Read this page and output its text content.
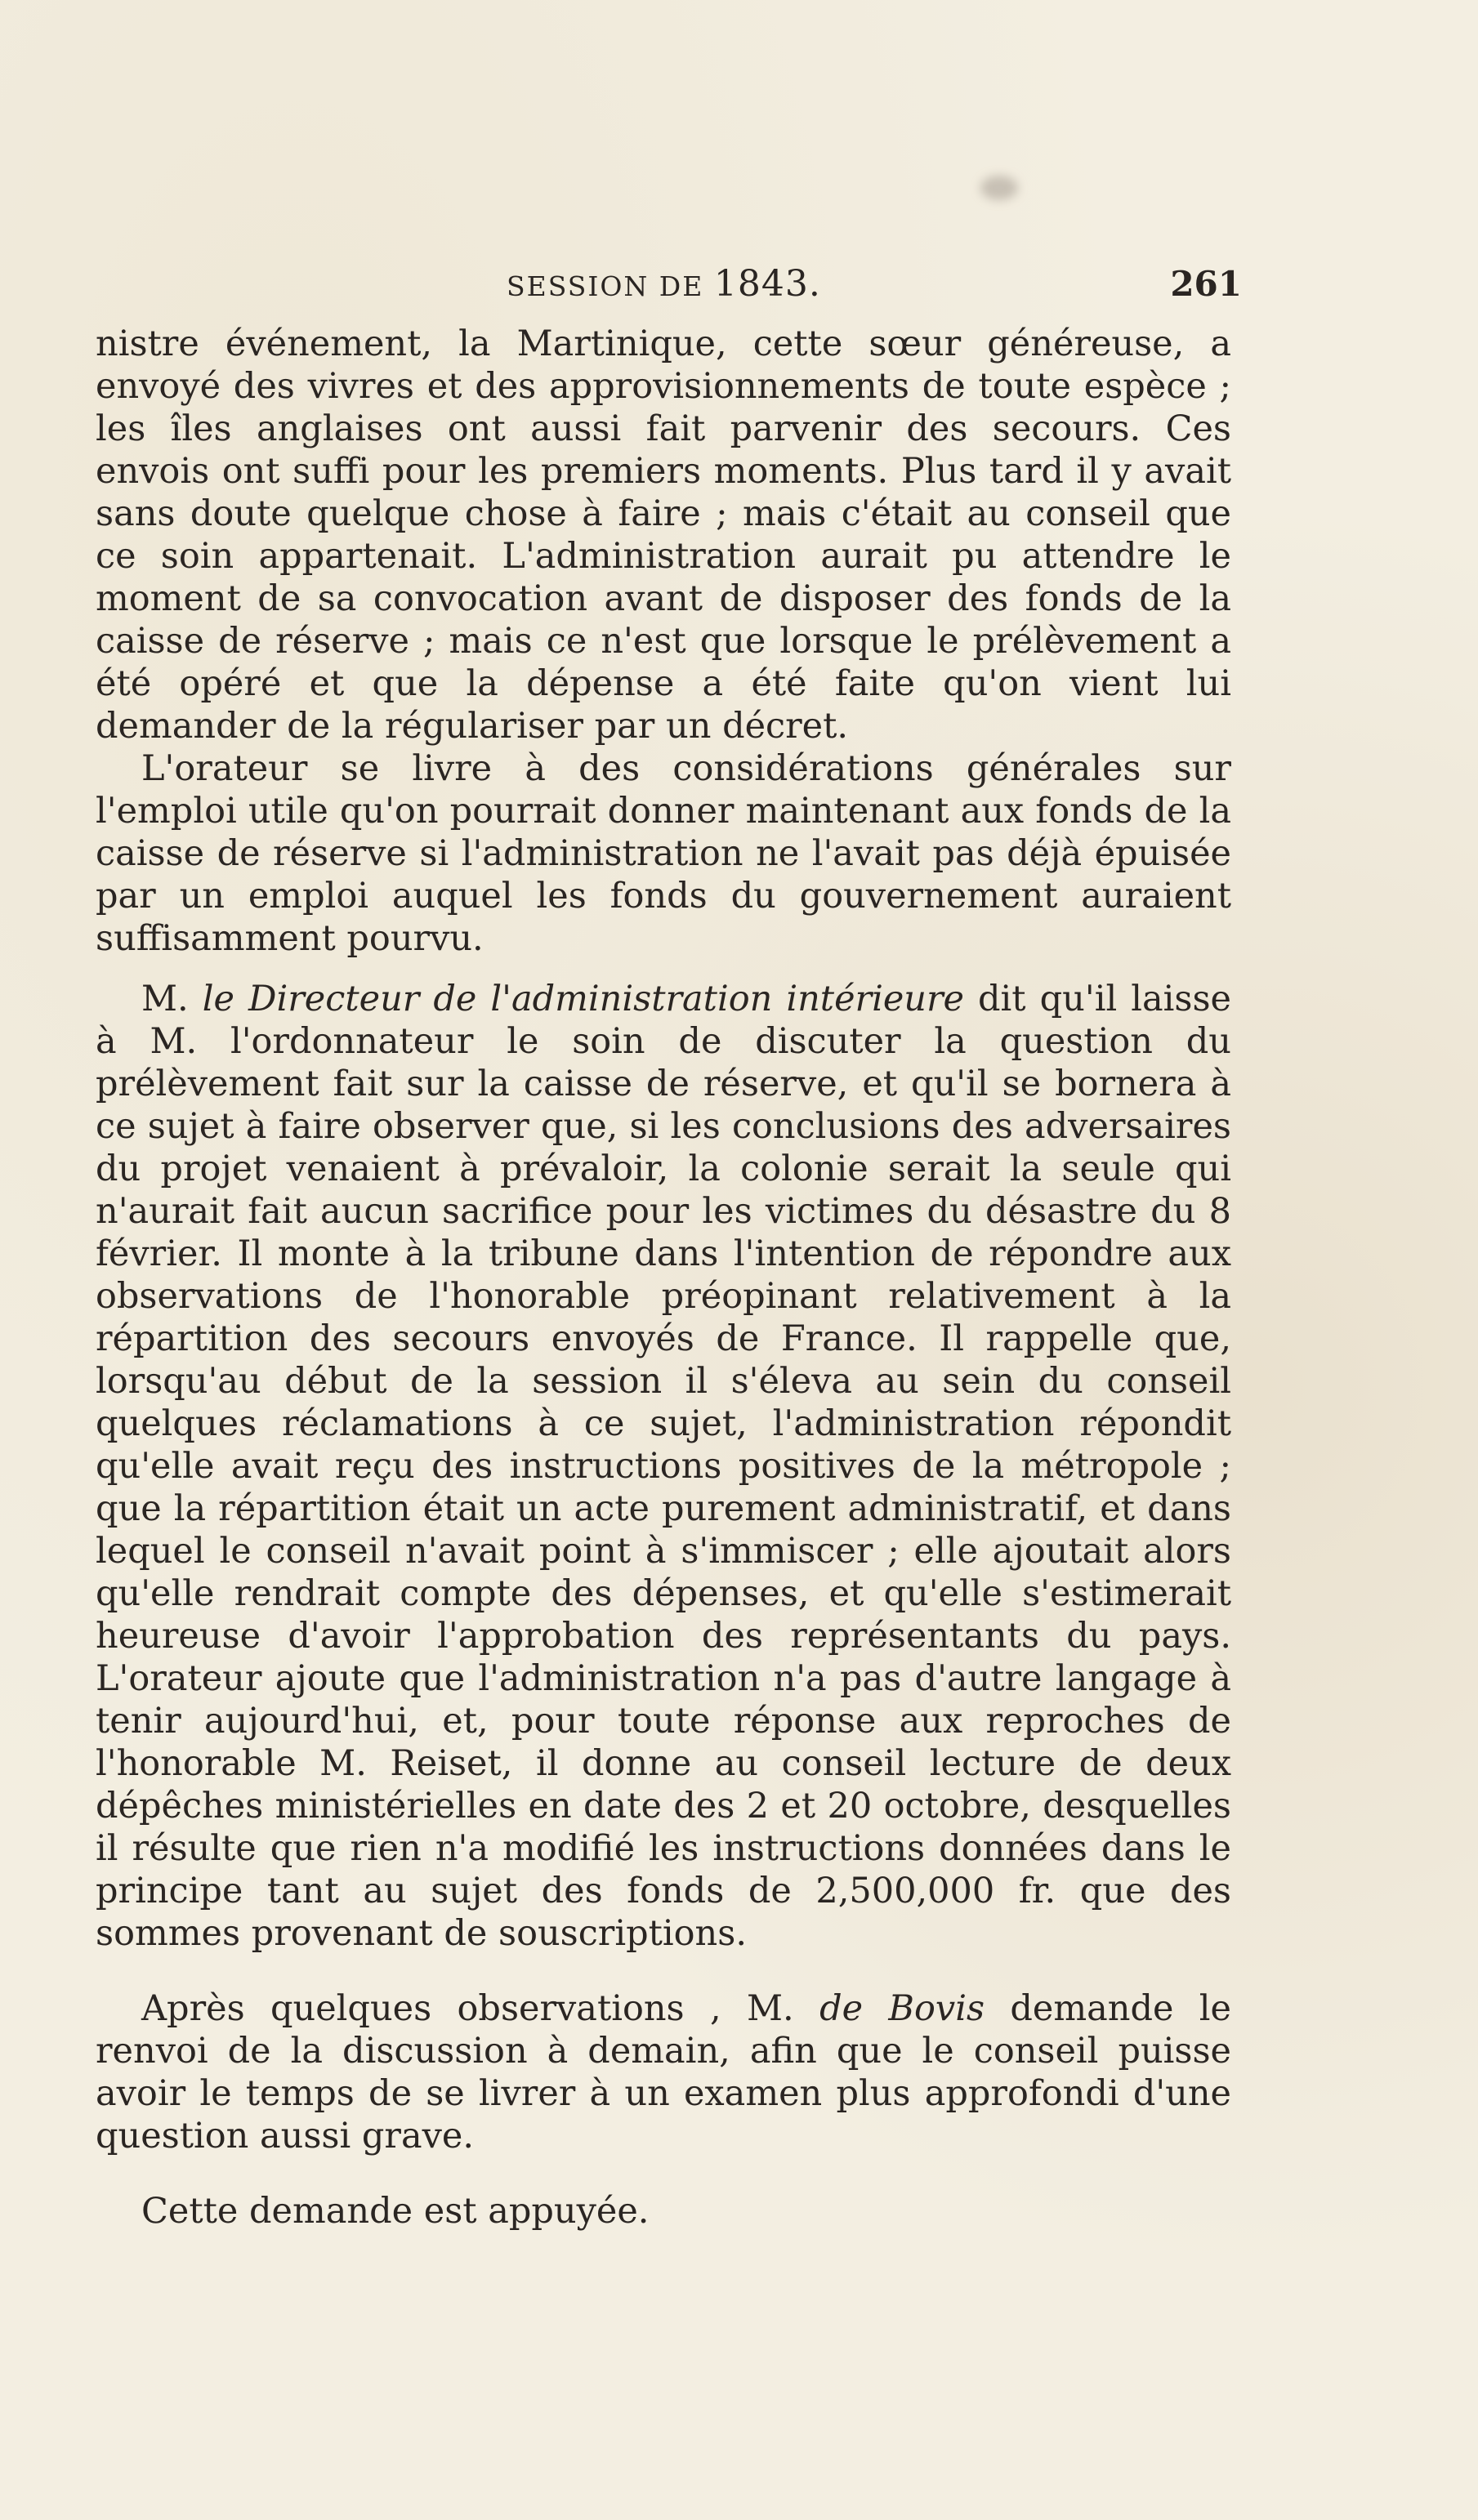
SESSION DE 1843.	261

nistre événement, la Martinique, cette sœur généreuse, a envoyé des vivres et des approvisionnements de toute espèce ; les îles anglaises ont aussi fait parvenir des secours. Ces envois ont suffi pour les premiers moments. Plus tard il y avait sans doute quelque chose à faire ; mais c'était au conseil que ce soin appartenait. L'administration aurait pu attendre le moment de sa convocation avant de disposer des fonds de la caisse de réserve ; mais ce n'est que lorsque le prélèvement a été opéré et que la dépense a été faite qu'on vient lui demander de la régulariser par un décret.

L'orateur se livre à des considérations générales sur l'emploi utile qu'on pourrait donner maintenant aux fonds de la caisse de réserve si l'administration ne l'avait pas déjà épuisée par un emploi auquel les fonds du gouvernement auraient suffisamment pourvu.

M. le Directeur de l'administration intérieure dit qu'il laisse à M. l'ordonnateur le soin de discuter la question du prélèvement fait sur la caisse de réserve, et qu'il se bornera à ce sujet à faire observer que, si les conclusions des adversaires du projet venaient à prévaloir, la colonie serait la seule qui n'aurait fait aucun sacrifice pour les victimes du désastre du 8 février. Il monte à la tribune dans l'intention de répondre aux observations de l'honorable préopinant relativement à la répartition des secours envoyés de France. Il rappelle que, lorsqu'au début de la session il s'éleva au sein du conseil quelques réclamations à ce sujet, l'administration répondit qu'elle avait reçu des instructions positives de la métropole ; que la répartition était un acte purement administratif, et dans lequel le conseil n'avait point à s'immiscer ; elle ajoutait alors qu'elle rendrait compte des dépenses, et qu'elle s'estimerait heureuse d'avoir l'approbation des représentants du pays. L'orateur ajoute que l'administration n'a pas d'autre langage à tenir aujourd'hui, et, pour toute réponse aux reproches de l'honorable M. Reiset, il donne au conseil lecture de deux dépêches ministérielles en date des 2 et 20 octobre, desquelles il résulte que rien n'a modifié les instructions données dans le principe tant au sujet des fonds de 2,500,000 fr. que des sommes provenant de souscriptions.

Après quelques observations , M. de Bovis demande le renvoi de la discussion à demain, afin que le conseil puisse avoir le temps de se livrer à un examen plus approfondi d'une question aussi grave.

Cette demande est appuyée.
